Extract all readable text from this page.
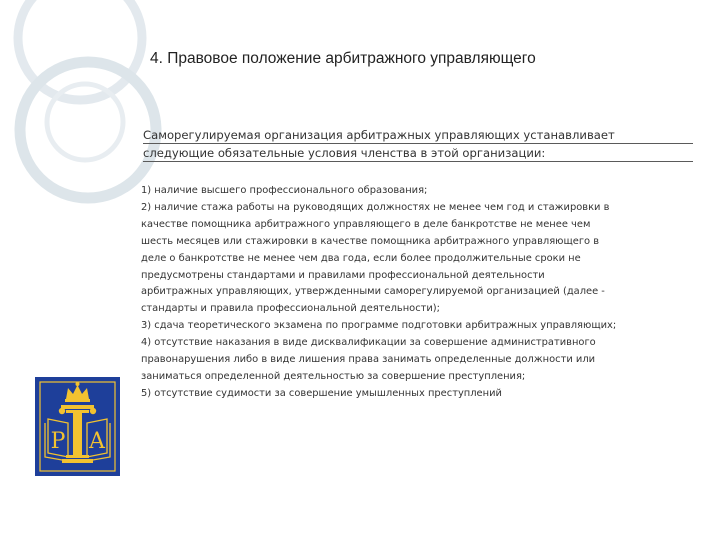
4. Правовое положение арбитражного управляющего
Саморегулируемая организация арбитражных управляющих устанавливает
следующие обязательные условия членства в этой организации:
1) наличие высшего профессионального образования;
2) наличие стажа работы на руководящих должностях не менее чем год и стажировки в
качестве помощника арбитражного управляющего в деле банкротстве не менее чем
шесть месяцев или стажировки в качестве помощника арбитражного управляющего в
деле о банкротстве не менее чем два года, если более продолжительные сроки не
предусмотрены стандартами и правилами профессиональной деятельности
арбитражных управляющих, утвержденными саморегулируемой организацией (далее -
стандарты и правила профессиональной деятельности);
3) сдача теоретического экзамена по программе подготовки арбитражных управляющих;
4) отсутствие наказания в виде дисквалификации за совершение административного
правонарушения либо в виде лишения права занимать определенные должности или
заниматься определенной деятельностью за совершение преступления;
5) отсутствие судимости за совершение умышленных преступлений
Р А
